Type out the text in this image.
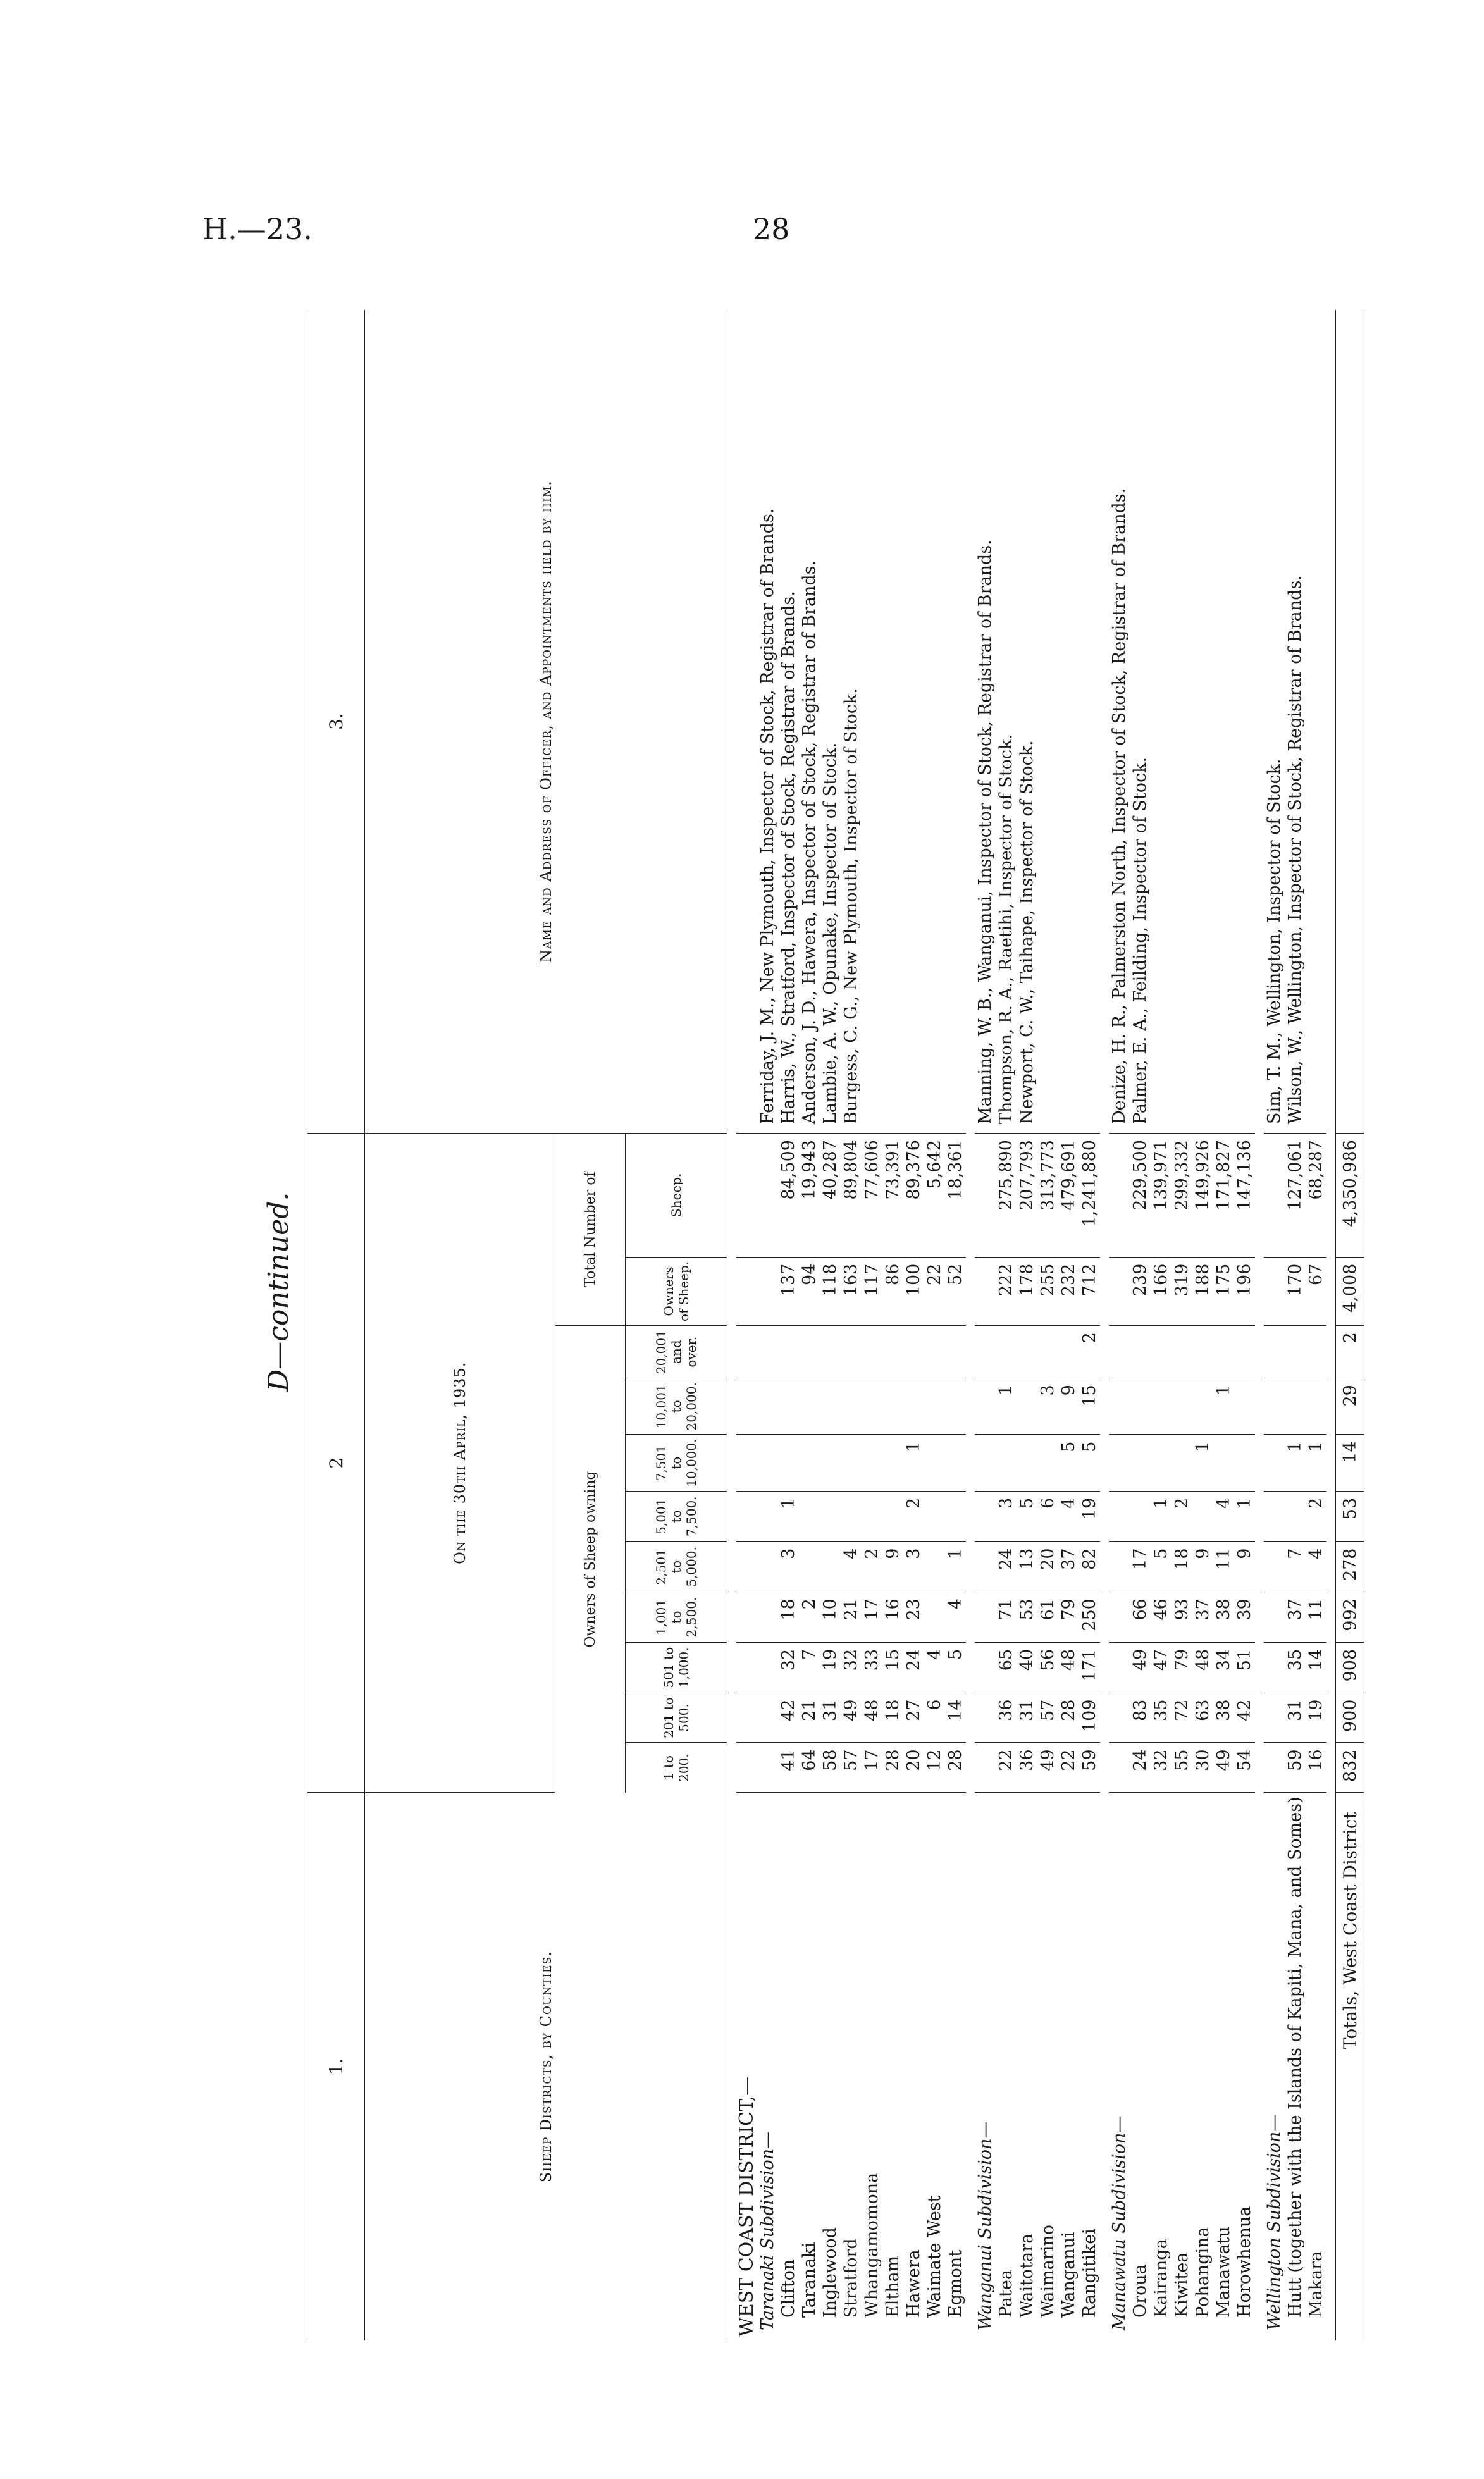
H.—23.	28
D—continued.
1.	2											3.
Sheep Districts, by Counties.	On the 30th April, 1935.											Name and Address of Officer, and Appointments held by him.
	Owners of Sheep owning									Total Number of		
	1 to 200.	201 to 500.	501 to 1,000.	1,001 to 2,500.	2,501 to 5,000.	5,001 to 7,500.	7,501 to 10,000.	10,001 to 20,000.	20,001 and over.	Owners of Sheep.	Sheep.	

WEST COAST DISTRICT,—												
Taranaki Subdivision—												Ferriday, J. M., New Plymouth, Inspector of Stock, Registrar of Brands. Harris, W., Stratford, Inspector of Stock, Registrar of Brands. Anderson, J. D., Hawera, Inspector of Stock, Registrar of Brands. Lambie, A. W., Opunake, Inspector of Stock. Burgess, C. G., New Plymouth, Inspector of Stock.

Clifton	41	42	32	18	3	1				137	84,509	
Taranaki	64	21	7	2						94	19,943	
Inglewood	58	31	19	10						118	40,287	
Stratford	57	49	32	21	4					163	89,804	
Whangamomona	17	48	33	17	2					117	77,606	
Eltham	28	18	15	16	9					86	73,391	
Hawera	20	27	24	23	3	2	1			100	89,376	
Waimate West	12	6	4							22	5,642	
Egmont	28	14	5	4	1					52	18,361	

Wanganui Subdivision—												Manning, W. B., Wanganui, Inspector of Stock, Registrar of Brands. Thompson, R. A., Raetihi, Inspector of Stock. Newport, C. W., Taihape, Inspector of Stock.

Patea	22	36	65	71	24	3		1		222	275,890	
Waitotara	36	31	40	53	13	5				178	207,793	
Waimarino	49	57	56	61	20	6		3		255	313,773	
Wanganui	22	28	48	79	37	4	5	9		232	479,691	
Rangitikei	59	109	171	250	82	19	5	15	2	712	1,241,880	

Manawatu Subdivision—												Denize, H. R., Palmerston North, Inspector of Stock, Registrar of Brands. Palmer, E. A., Feilding, Inspector of Stock.

Oroua	24	83	49	66	17					239	229,500	
Kairanga	32	35	47	46	5	1				166	139,971	
Kiwitea	55	72	79	93	18	2				319	299,332	
Pohangina	30	63	48	37	9		1			188	149,926	
Manawatu	49	38	34	38	11	4		1		175	171,827	
Horowhenua	54	42	51	39	9	1				196	147,136	

Wellington Subdivision—												Sim, T. M., Wellington, Inspector of Stock. Wilson, W., Wellington, Inspector of Stock, Registrar of Brands.

Hutt (together with the Islands of Kapiti, Mana, and Somes)	59	31	35	37	7		1			170	127,061	
Makara	16	19	14	11	4	2	1			67	68,287	

Totals, West Coast District	832	900	908	992	278	53	14	29	2	4,008	4,350,986	
